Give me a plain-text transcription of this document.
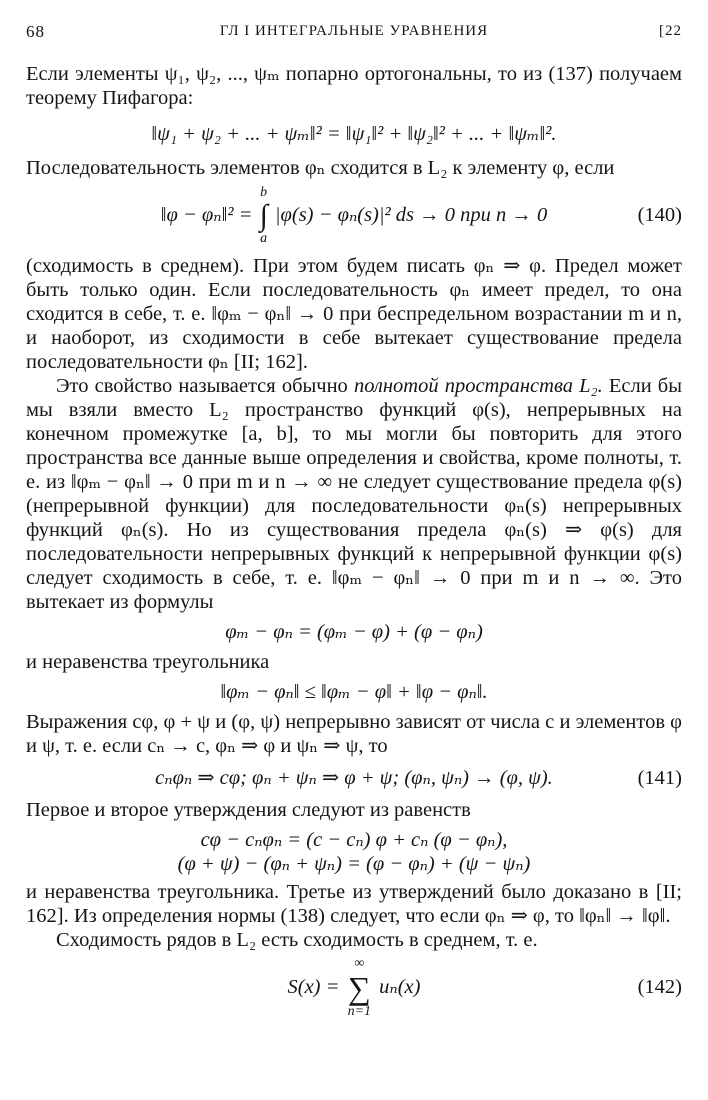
68	ГЛ I ИНТЕГРАЛЬНЫЕ УРАВНЕНИЯ	[22

Если элементы ψ₁, ψ₂, ..., ψₘ попарно ортогональны, то из (137) получаем теорему Пифагора:

‖ψ₁ + ψ₂ + ... + ψₘ‖² = ‖ψ₁‖² + ‖ψ₂‖² + ... + ‖ψₘ‖².

Последовательность элементов φₙ сходится в L₂ к элементу φ, если

‖φ − φₙ‖² =
b
∫
a
|φ(s) − φₙ(s)|² ds → 0 при n → 0	(140)

(сходимость в среднем). При этом будем писать φₙ ⇒ φ. Предел может быть только один. Если последовательность φₙ имеет предел, то она сходится в себе, т. е. ‖φₘ − φₙ‖ → 0 при беспредельном возрастании m и n, и наоборот, из сходимости в себе вытекает существование предела последовательности φₙ [II; 162].

Это свойство называется обычно полнотой пространства L₂. Если бы мы взяли вместо L₂ пространство функций φ(s), непрерывных на конечном промежутке [a, b], то мы могли бы повторить для этого пространства все данные выше определения и свойства, кроме полноты, т. е. из ‖φₘ − φₙ‖ → 0 при m и n → ∞ не следует существование предела φ(s) (непрерывной функции) для последовательности φₙ(s) непрерывных функций φₙ(s). Но из существования предела φₙ(s) ⇒ φ(s) для последовательности непрерывных функций к непрерывной функции φ(s) следует сходимость в себе, т. е. ‖φₘ − φₙ‖ → 0 при m и n → ∞. Это вытекает из формулы

φₘ − φₙ = (φₘ − φ) + (φ − φₙ)

и неравенства треугольника

‖φₘ − φₙ‖ ≤ ‖φₘ − φ‖ + ‖φ − φₙ‖.

Выражения cφ, φ + ψ и (φ, ψ) непрерывно зависят от числа c и элементов φ и ψ, т. е. если cₙ → c, φₙ ⇒ φ и ψₙ ⇒ ψ, то

cₙφₙ ⇒ cφ; φₙ + ψₙ ⇒ φ + ψ; (φₙ, ψₙ) → (φ, ψ).	(141)

Первое и второе утверждения следуют из равенств

cφ − cₙφₙ = (c − cₙ) φ + cₙ (φ − φₙ),
(φ + ψ) − (φₙ + ψₙ) = (φ − φₙ) + (ψ − ψₙ)

и неравенства треугольника. Третье из утверждений было доказано в [II; 162]. Из определения нормы (138) следует, что если φₙ ⇒ φ, то ‖φₙ‖ → ‖φ‖.

Сходимость рядов в L₂ есть сходимость в среднем, т. е.

S(x) =
∞
∑
n=1
uₙ(x)	(142)
